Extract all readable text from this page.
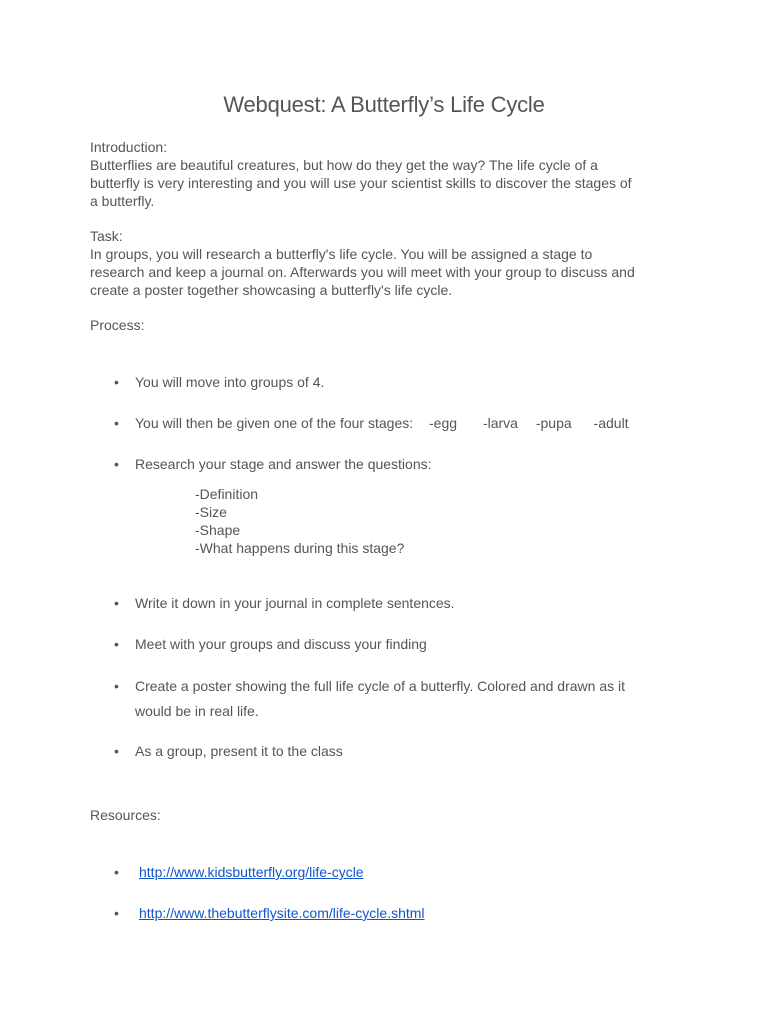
Webquest: A Butterfly’s Life Cycle
Introduction:
Butterflies are beautiful creatures, but how do they get the way? The life cycle of a
butterfly is very interesting and you will use your scientist skills to discover the stages of
a butterfly.
Task:
In groups, you will research a butterfly's life cycle. You will be assigned a stage to
research and keep a journal on. Afterwards you will meet with your group to discuss and
create a poster together showcasing a butterfly's life cycle.
Process:
•	You will move into groups of 4.
•	You will then be given one of the four stages: -egg -larva -pupa -adult
•	Research your stage and answer the questions:
-Definition
-Size
-Shape
-What happens during this stage?
•	Write it down in your journal in complete sentences.
•	Meet with your groups and discuss your finding
•	Create a poster showing the full life cycle of a butterfly. Colored and drawn as it
would be in real life.
•	As a group, present it to the class
Resources:
•	http://www.kidsbutterfly.org/life-cycle
•	http://www.thebutterflysite.com/life-cycle.shtml
